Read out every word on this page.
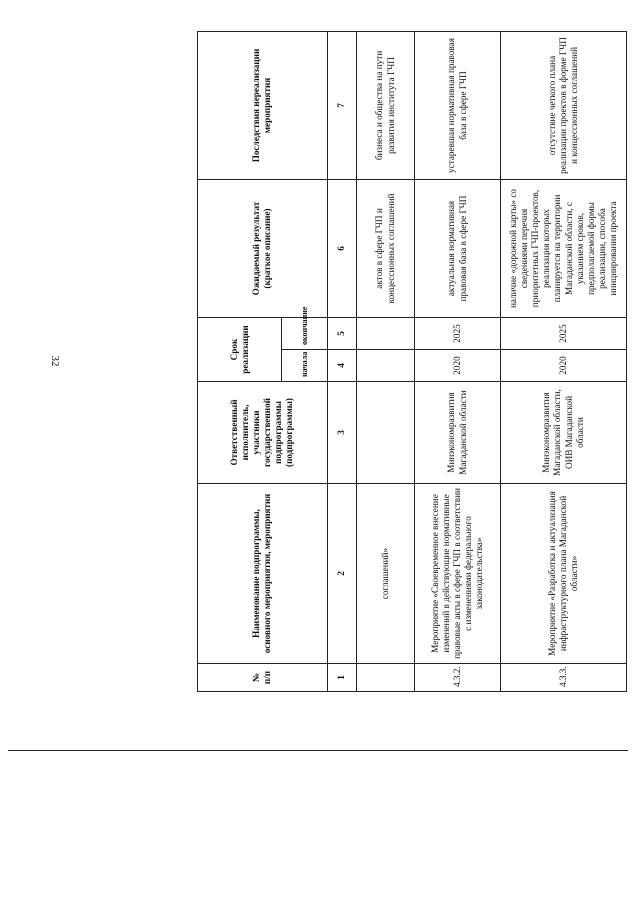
32
№ п/п	Наименование подпрограммы, основного мероприятия, мероприятия	Ответственный исполнитель, участники государственной подпрограммы (подпрограммы)	Срок реализации		Ожидаемый результат (краткое описание)	Последствия нереализации мероприятия
			начала	окончание		
1	2	3	4	5	6	7
	соглашений»				актов в сфере ГЧП и концессионных соглашений	бизнеса и общества на пути развития института ГЧП
4.3.2.	Мероприятие «Своевременное внесение изменений в действующие нормативные правовые акты в сфере ГЧП в соответствии с изменениями федерального законодательства»	Минэкономразвития Магаданской области	2020	2025	актуальная нормативная правовая база в сфере ГЧП	устаревшая нормативная правовая база в сфере ГЧП
4.3.3.	Мероприятие «Разработка и актуализация инфраструктурного плана Магаданской области»	Минэкономразвития Магаданской области, ОИВ Магаданской области	2020	2025	наличие «дорожной карты» со сведениями перечня приоритетных ГЧП-проектов, реализация которых планируется на территории Магаданской области, с указанием сроков, предполагаемой формы реализации, способа инициирования проекта	отсутствие четкого плана реализации проектов в форме ГЧП и концессионных соглашений
